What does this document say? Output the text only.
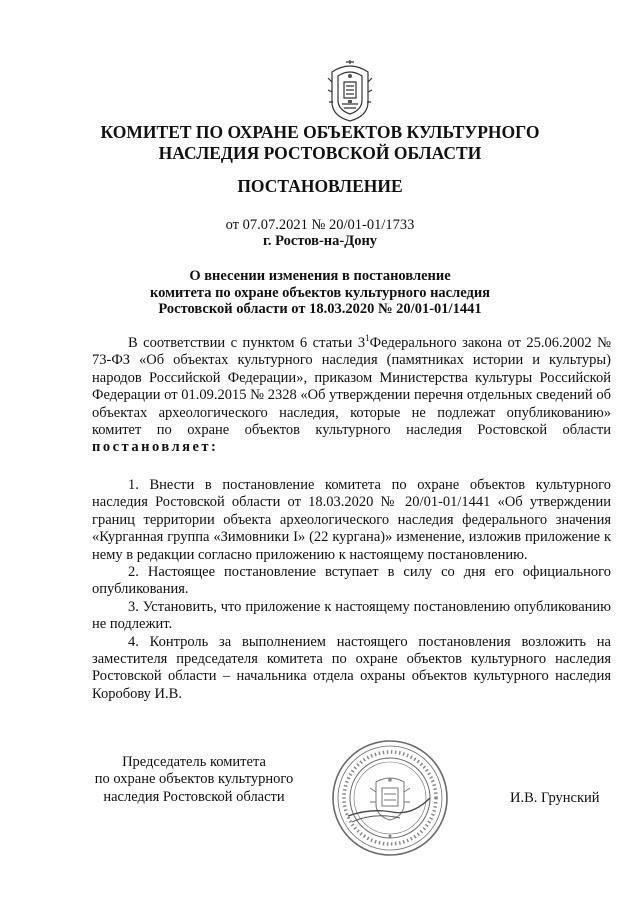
КОМИТЕТ ПО ОХРАНЕ ОБЪЕКТОВ КУЛЬТУРНОГО
НАСЛЕДИЯ РОСТОВСКОЙ ОБЛАСТИ
ПОСТАНОВЛЕНИЕ
от 07.07.2021 № 20/01-01/1733
г. Ростов-на-Дону
О внесении изменения в постановление
комитета по охране объектов культурного наследия
Ростовской области от 18.03.2020 № 20/01-01/1441

В соответствии с пунктом 6 статьи $3^1Федерального$ закона от 25.06.2002 № 73-ФЗ «Об объектах культурного наследия (памятниках истории и культуры) народов Российской Федерации», приказом Министерства культуры Российской Федерации от 01.09.2015 № 2328 «Об утверждении перечня отдельных сведений об объектах археологического наследия, которые не подлежат опубликованию» комитет по охране объектов культурного наследия Ростовской области постановляет:

1. Внести в постановление комитета по охране объектов культурного наследия Ростовской области от 18.03.2020 № 20/01-01/1441 «Об утверждении границ территории объекта археологического наследия федерального значения «Курганная группа «Зимовники I» (22 кургана)» изменение, изложив приложение к нему в редакции согласно приложению к настоящему постановлению.

2. Настоящее постановление вступает в силу со дня его официального опубликования.

3. Установить, что приложение к настоящему постановлению опубликованию не подлежит.

4. Контроль за выполнением настоящего постановления возложить на заместителя председателя комитета по охране объектов культурного наследия Ростовской области – начальника отдела охраны объектов культурного наследия Коробову И.В.

Председатель комитета
по охране объектов культурного
наследия Ростовской области	И.В. Грунский
